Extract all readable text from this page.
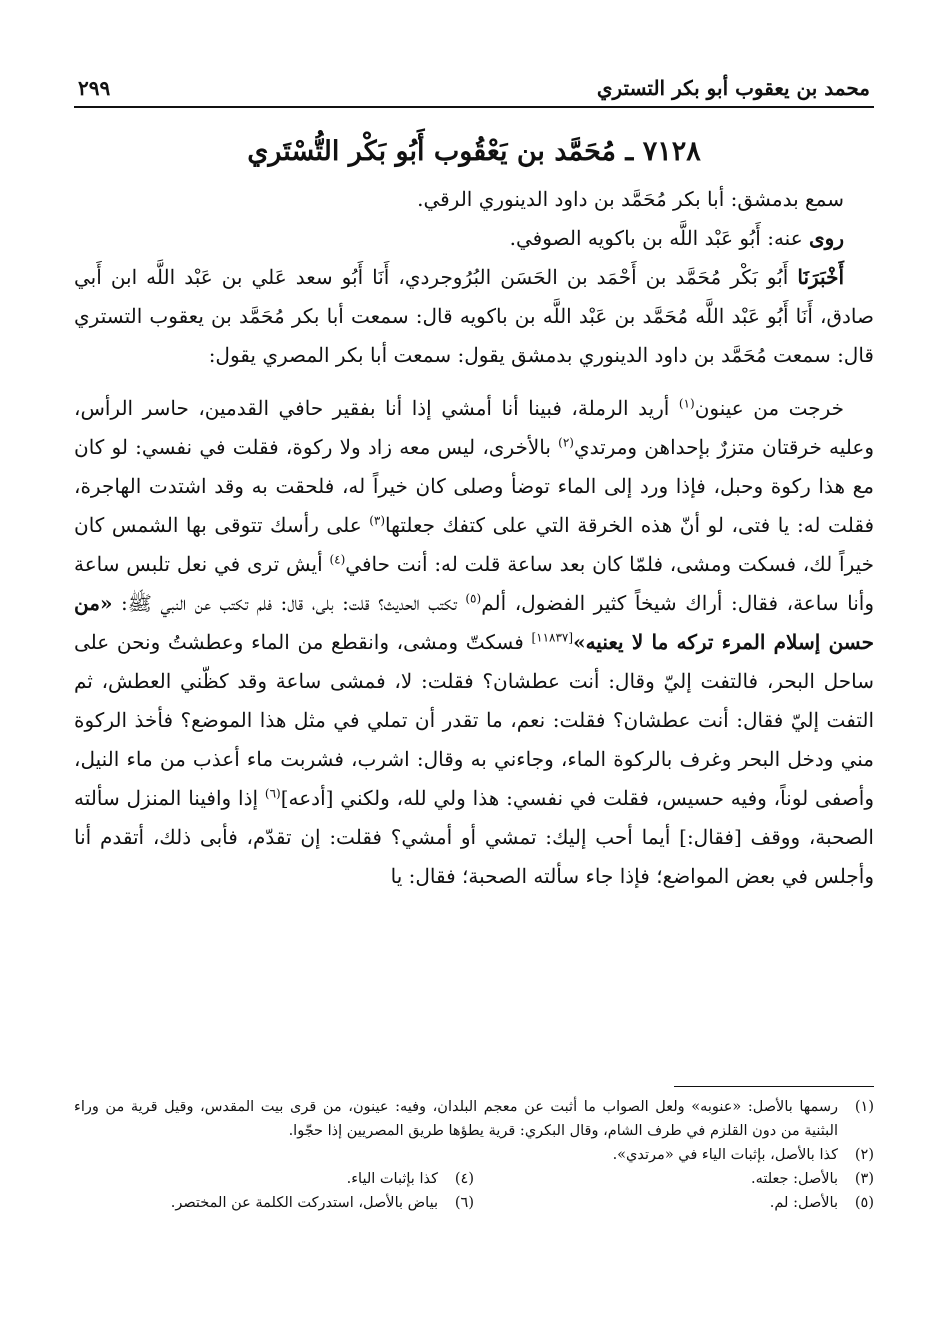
محمد بن يعقوب أبو بكر التستري
٢٩٩
٧١٢٨ ـ مُحَمَّد بن يَعْقُوب أَبُو بَكْر التُّسْتَري

سمع بدمشق: أبا بكر مُحَمَّد بن داود الدينوري الرقي.

روى عنه: أَبُو عَبْد اللَّه بن باكويه الصوفي.

أَخْبَرَنَا أَبُو بَكْر مُحَمَّد بن أَحْمَد بن الحَسَن البُرُوجردي، أَنَا أَبُو سعد عَلي بن عَبْد اللَّه ابن أَبي صادق، أَنَا أَبُو عَبْد اللَّه مُحَمَّد بن عَبْد اللَّه بن باكويه قال: سمعت أبا بكر مُحَمَّد بن يعقوب التستري قال: سمعت مُحَمَّد بن داود الدينوري بدمشق يقول: سمعت أبا بكر المصري يقول:

خرجت من عينون$^{(١)}$ أريد الرملة، فبينا أنا أمشي إذا أنا بفقير حافي القدمين، حاسر الرأس، وعليه خرقتان متزرٌ بإحداهن ومرتدي$^{(٢)}$ بالأخرى، ليس معه زاد ولا ركوة، فقلت في نفسي: لو كان مع هذا ركوة وحبل، فإذا ورد إلى الماء توضأ وصلى كان خيراً له، فلحقت به وقد اشتدت الهاجرة، فقلت له: يا فتى، لو أنّ هذه الخرقة التي على كتفك جعلتها$^{(٣)}$ على رأسك تتوقى بها الشمس كان خيراً لك، فسكت ومشى، فلمّا كان بعد ساعة قلت له: أنت حافي$^{(٤)}$ أيش ترى في نعل تلبس ساعة وأنا ساعة، فقال: أراك شيخاً كثير الفضول، ألم$^{(٥)}$ تكتب الحديث؟ قلت: بلى، قال: فلم تكتب عن النبي ﷺ: «من حسن إسلام المرء تركه ما لا يعنيه»[١١٨٣٧] فسكتّ ومشى، وانقطع من الماء وعطشتُ ونحن على ساحل البحر، فالتفت إليّ وقال: أنت عطشان؟ فقلت: لا، فمشى ساعة وقد كظّني العطش، ثم التفت إليّ فقال: أنت عطشان؟ فقلت: نعم، ما تقدر أن تملي في مثل هذا الموضع؟ فأخذ الركوة مني ودخل البحر وغرف بالركوة الماء، وجاءني به وقال: اشرب، فشربت ماء أعذب من ماء النيل، وأصفى لوناً، وفيه حسيس، فقلت في نفسي: هذا ولي لله، ولكني [أدعه]$^{(٦)}$ إذا وافينا المنزل سألته الصحبة، ووقف [فقال:] أيما أحب إليك: تمشي أو أمشي؟ فقلت: إن تقدّم، فأبى ذلك، أتقدم أنا وأجلس في بعض المواضع؛ فإذا جاء سألته الصحبة؛ فقال: يا

(١)
رسمها بالأصل: «عنوبه» ولعل الصواب ما أثبت عن معجم البلدان، وفيه: عينون، من قرى بيت المقدس، وقيل قرية من وراء البثنية من دون القلزم في طرف الشام، وقال البكري: قرية يطؤها طريق المصريين إذا حجّوا.
(٢)
كذا بالأصل، بإثبات الياء في «مرتدي».
(٣)
بالأصل: جعلته.
(٤)
كذا بإثبات الياء.
(٥)
بالأصل: لم.
(٦)
بياض بالأصل، استدركت الكلمة عن المختصر.
